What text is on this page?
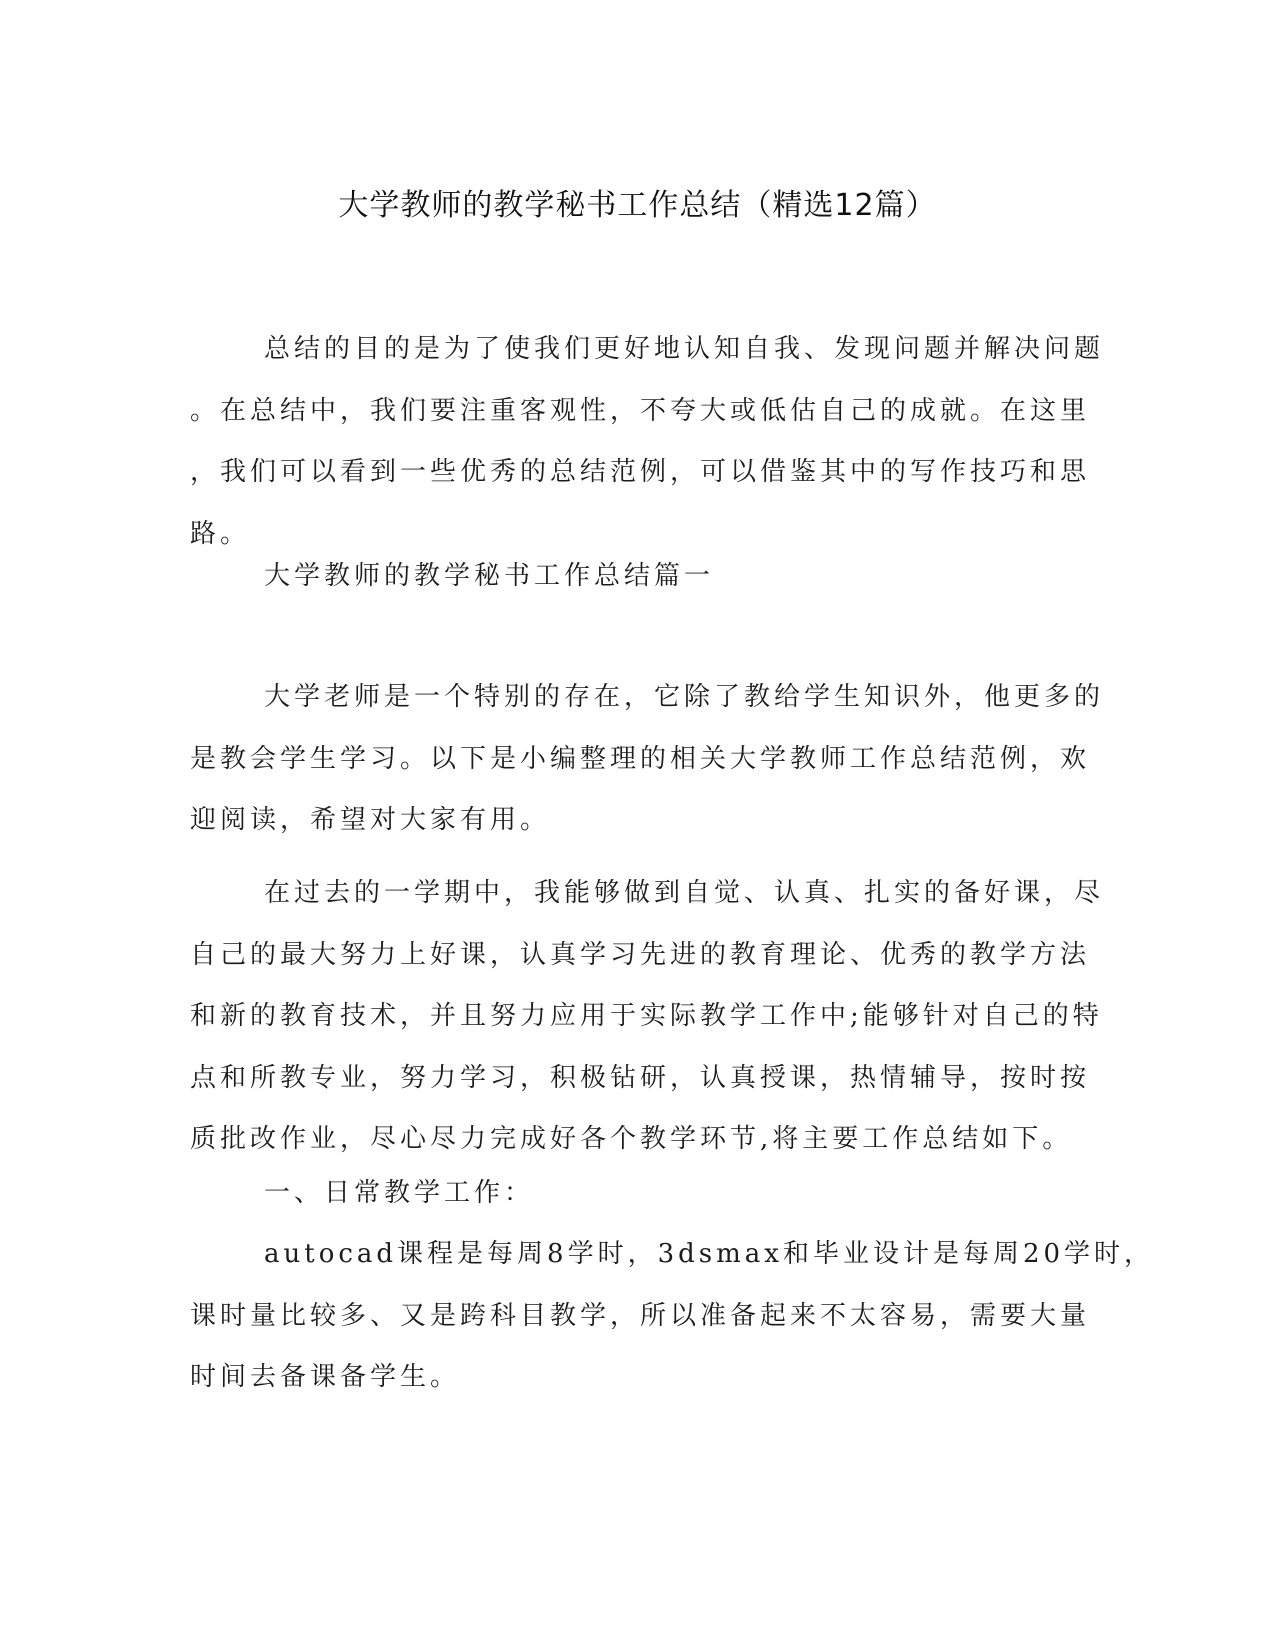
大学教师的教学秘书工作总结（精选12篇）
总结的目的是为了使我们更好地认知自我、发现问题并解决问题
。在总结中，我们要注重客观性，不夸大或低估自己的成就。在这里
，我们可以看到一些优秀的总结范例，可以借鉴其中的写作技巧和思
路。
大学教师的教学秘书工作总结篇一
大学老师是一个特别的存在，它除了教给学生知识外，他更多的
是教会学生学习。以下是小编整理的相关大学教师工作总结范例，欢
迎阅读，希望对大家有用。
在过去的一学期中，我能够做到自觉、认真、扎实的备好课，尽
自己的最大努力上好课，认真学习先进的教育理论、优秀的教学方法
和新的教育技术，并且努力应用于实际教学工作中;能够针对自己的特
点和所教专业，努力学习，积极钻研，认真授课，热情辅导，按时按
质批改作业，尽心尽力完成好各个教学环节,将主要工作总结如下。
一、日常教学工作：
autocad课程是每周8学时，3dsmax和毕业设计是每周20学时，
课时量比较多、又是跨科目教学，所以准备起来不太容易，需要大量
时间去备课备学生。
